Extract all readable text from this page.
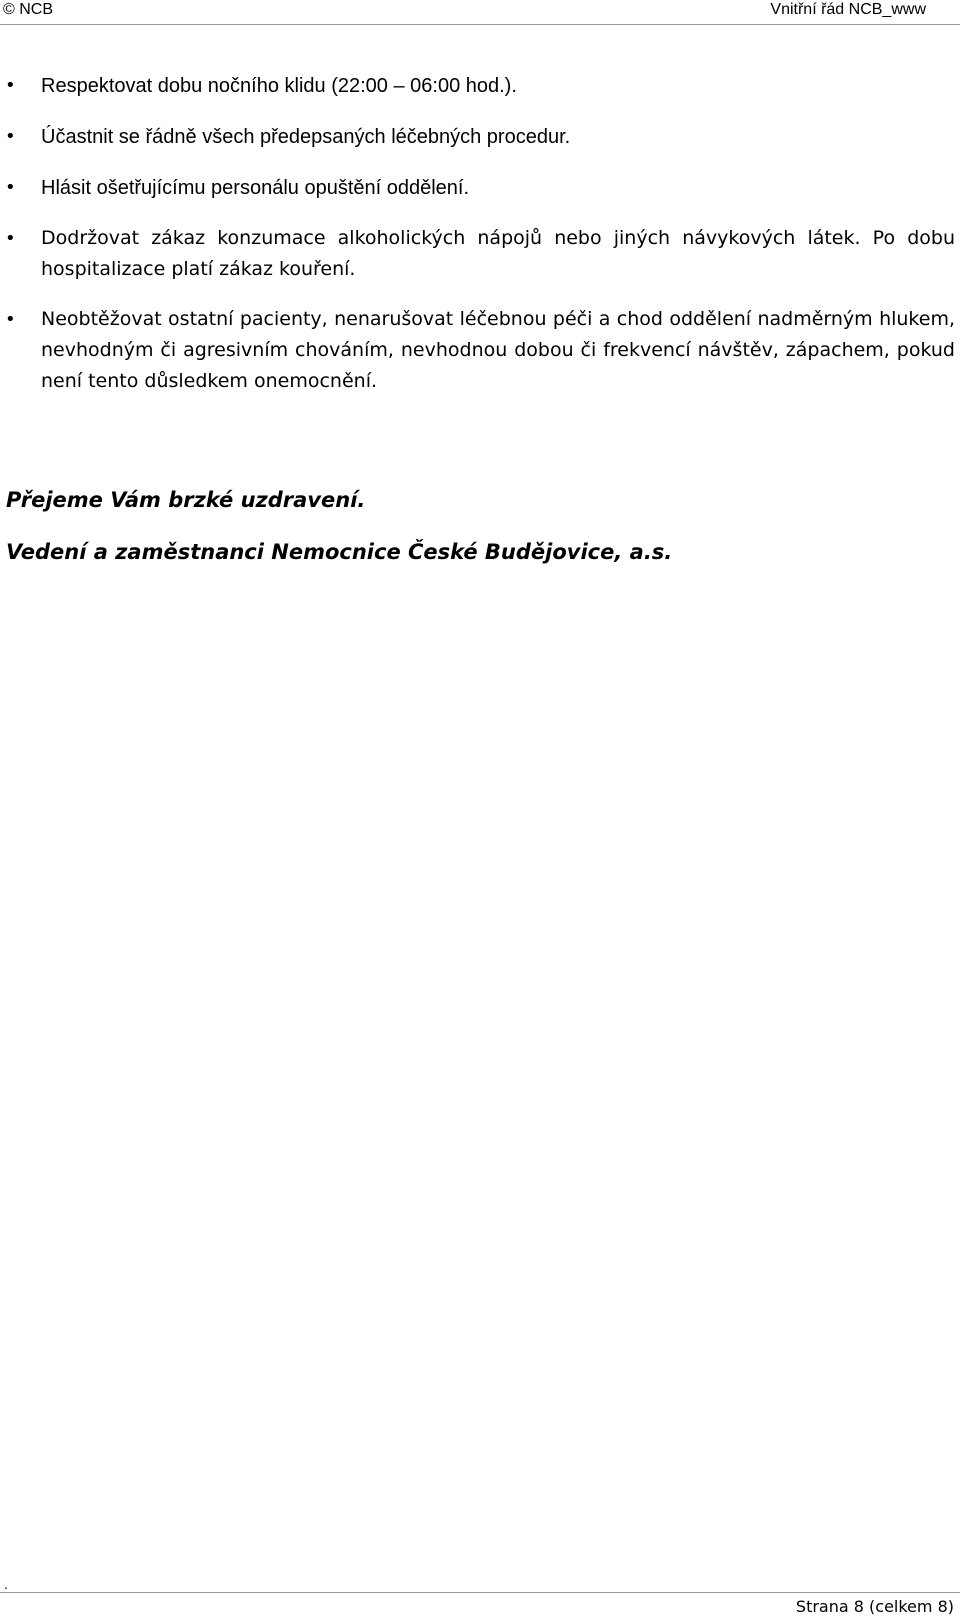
© NCB	Vnitřní řád NCB_www
• Respektovat dobu nočního klidu (22:00 – 06:00 hod.).
• Účastnit se řádně všech předepsaných léčebných procedur.
• Hlásit ošetřujícímu personálu opuštění oddělení.
• Dodržovat zákaz konzumace alkoholických nápojů nebo jiných návykových látek. Po dobu hospitalizace platí zákaz kouření.
• Neobtěžovat ostatní pacienty, nenarušovat léčebnou péči a chod oddělení nadměrným hlukem, nevhodným či agresivním chováním, nevhodnou dobou či frekvencí návštěv, zápachem, pokud není tento důsledkem onemocnění.
Přejeme Vám brzké uzdravení.
Vedení a zaměstnanci Nemocnice České Budějovice, a.s.
.
Strana 8 (celkem 8)
